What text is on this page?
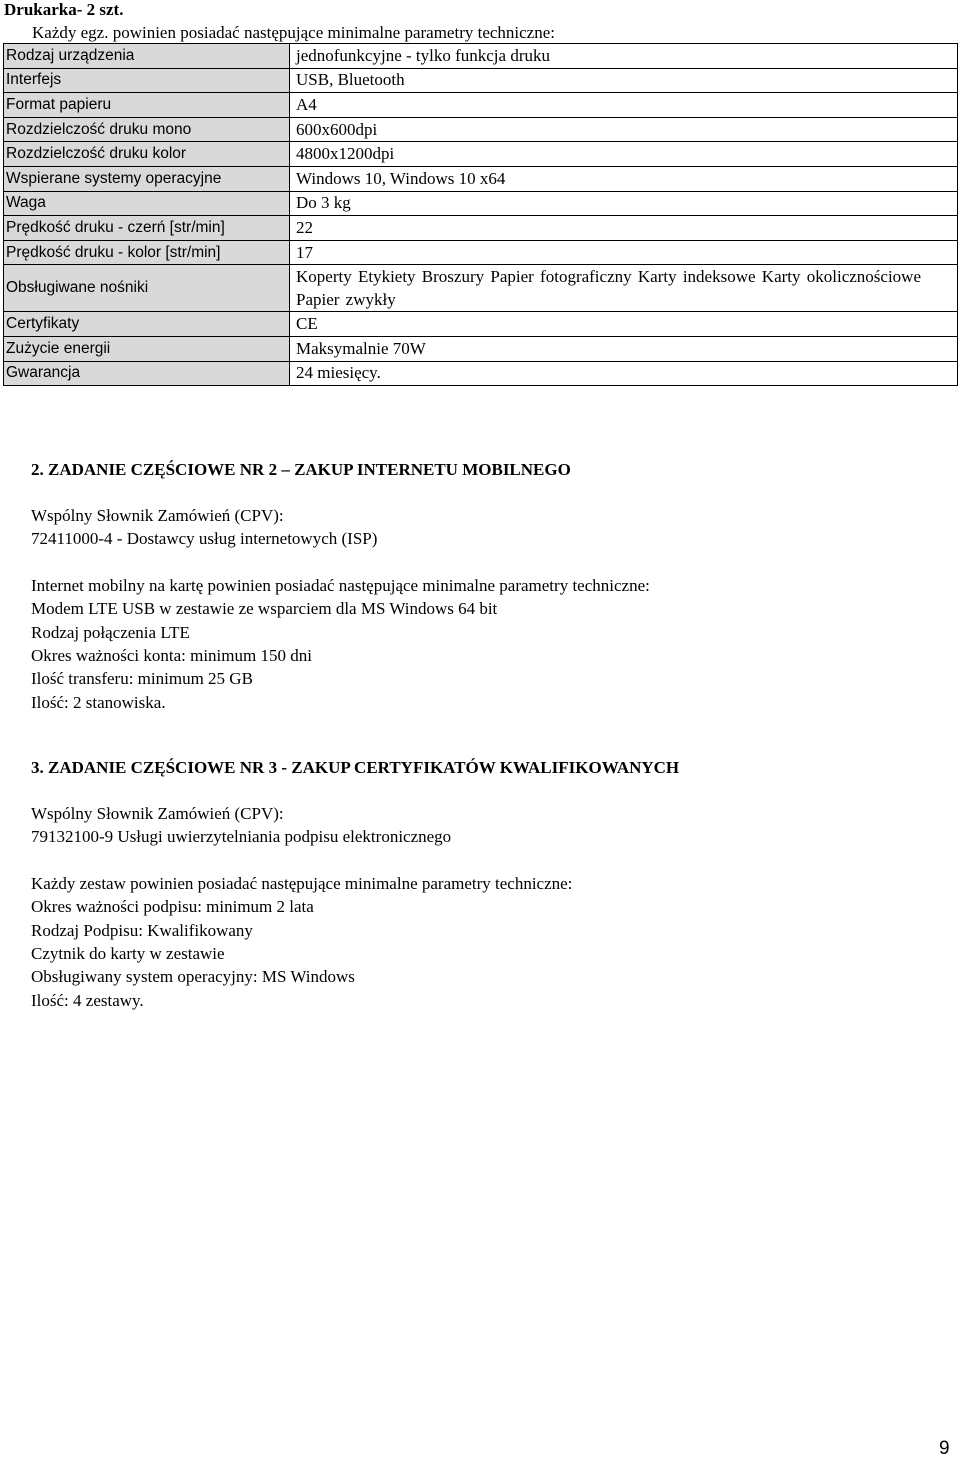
Drukarka- 2 szt.
Każdy egz. powinien posiadać następujące minimalne parametry techniczne:
Rodzaj urządzenia	jednofunkcyjne - tylko funkcja druku
Interfejs	USB, Bluetooth
Format papieru	A4
Rozdzielczość druku mono	600x600dpi
Rozdzielczość druku kolor	4800x1200dpi
Wspierane systemy operacyjne	Windows 10, Windows 10 x64
Waga	Do 3 kg
Prędkość druku - czerń [str/min]	22
Prędkość druku - kolor [str/min]	17
Obsługiwane nośniki	Koperty Etykiety Broszury Papier fotograficzny Karty indeksowe Karty okolicznościowe Papier zwykły
Certyfikaty	CE
Zużycie energii	Maksymalnie 70W
Gwarancja	24 miesięcy.

2. ZADANIE CZĘŚCIOWE NR 2 – ZAKUP INTERNETU MOBILNEGO

Wspólny Słownik Zamówień (CPV):

72411000-4 - Dostawcy usług internetowych (ISP)

Internet mobilny na kartę powinien posiadać następujące minimalne parametry techniczne:

Modem LTE USB w zestawie ze wsparciem dla MS Windows 64 bit

Rodzaj połączenia LTE

Okres ważności konta: minimum 150 dni

Ilość transferu: minimum 25 GB

Ilość: 2 stanowiska.

3. ZADANIE CZĘŚCIOWE NR 3 - ZAKUP CERTYFIKATÓW KWALIFIKOWANYCH

Wspólny Słownik Zamówień (CPV):

79132100-9 Usługi uwierzytelniania podpisu elektronicznego

Każdy zestaw powinien posiadać następujące minimalne parametry techniczne:

Okres ważności podpisu: minimum 2 lata

Rodzaj Podpisu: Kwalifikowany

Czytnik do karty w zestawie

Obsługiwany system operacyjny: MS Windows

Ilość: 4 zestawy.

9
